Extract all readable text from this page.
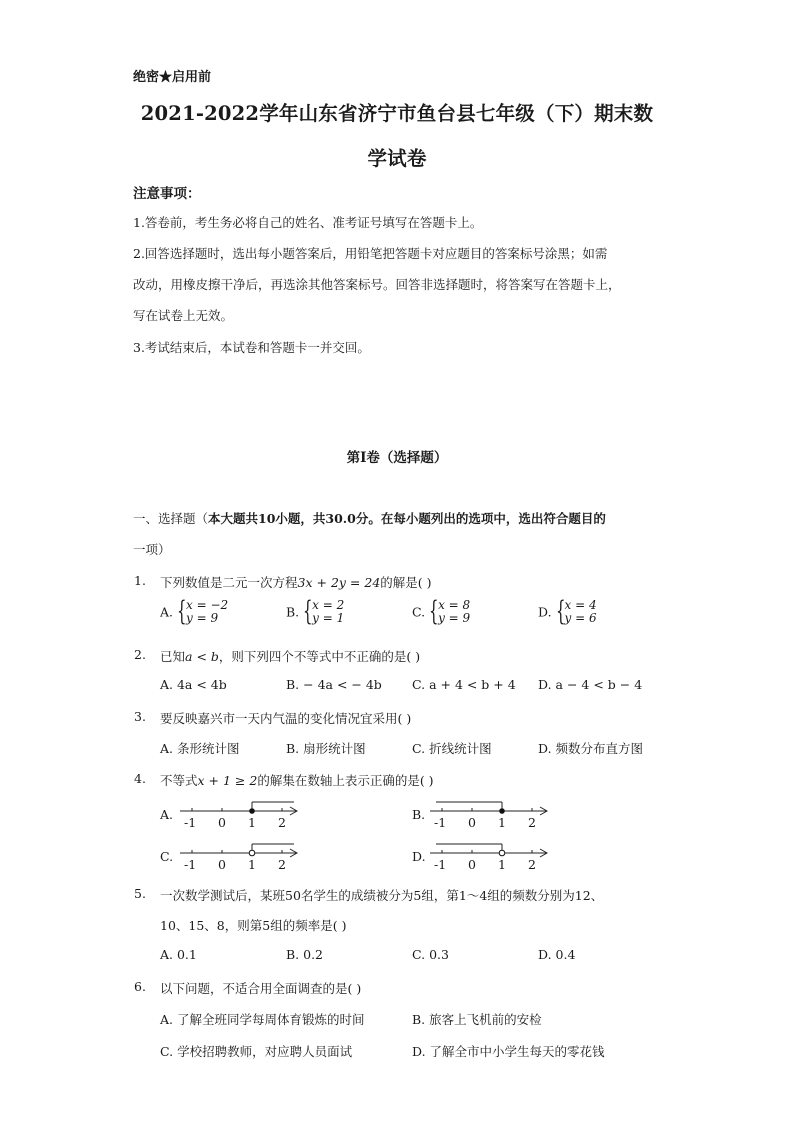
绝密★启用前
2021-2022学年山东省济宁市鱼台县七年级（下）期末数
学试卷
注意事项：
1.答卷前，考生务必将自己的姓名、准考证号填写在答题卡上。
2.回答选择题时，选出每小题答案后，用铅笔把答题卡对应题目的答案标号涂黑；如需
改动，用橡皮擦干净后，再选涂其他答案标号。回答非选择题时，将答案写在答题卡上，
写在试卷上无效。
3.考试结束后，本试卷和答题卡一并交回。
第I卷（选择题）
一、选择题（本大题共10小题，共30.0分。在每小题列出的选项中，选出符合题目的
一项）
1. 下列数值是二元一次方程3x + 2y = 24的解是( )
A. { x = −2
y = 9	B. { x = 2
y = 1	C. { x = 8
y = 9	D. { x = 4
y = 6
2. 已知a < b，则下列四个不等式中不正确的是( )
A. 4a < 4b	B. − 4a < − 4b C. a + 4 < b + 4 D. a − 4 < b − 4
3. 要反映嘉兴市一天内气温的变化情况宜采用( )
A. 条形统计图	B. 扇形统计图	C. 折线统计图	D. 频数分布直方图
4. 不等式x + 1 ≥ 2的解集在数轴上表示正确的是( )
A.
-1 0 1 2
B.
-1 0 1 2
C.
-1 0 1 2
D.
-1 0 1 2
5. 一次数学测试后，某班50名学生的成绩被分为5组，第1～4组的频数分别为12、
10、15、8，则第5组的频率是( )
A. 0.1	B. 0.2	C. 0.3	D. 0.4
6. 以下问题，不适合用全面调查的是( )
A. 了解全班同学每周体育锻炼的时间	B. 旅客上飞机前的安检
C. 学校招聘教师，对应聘人员面试	D. 了解全市中小学生每天的零花钱
